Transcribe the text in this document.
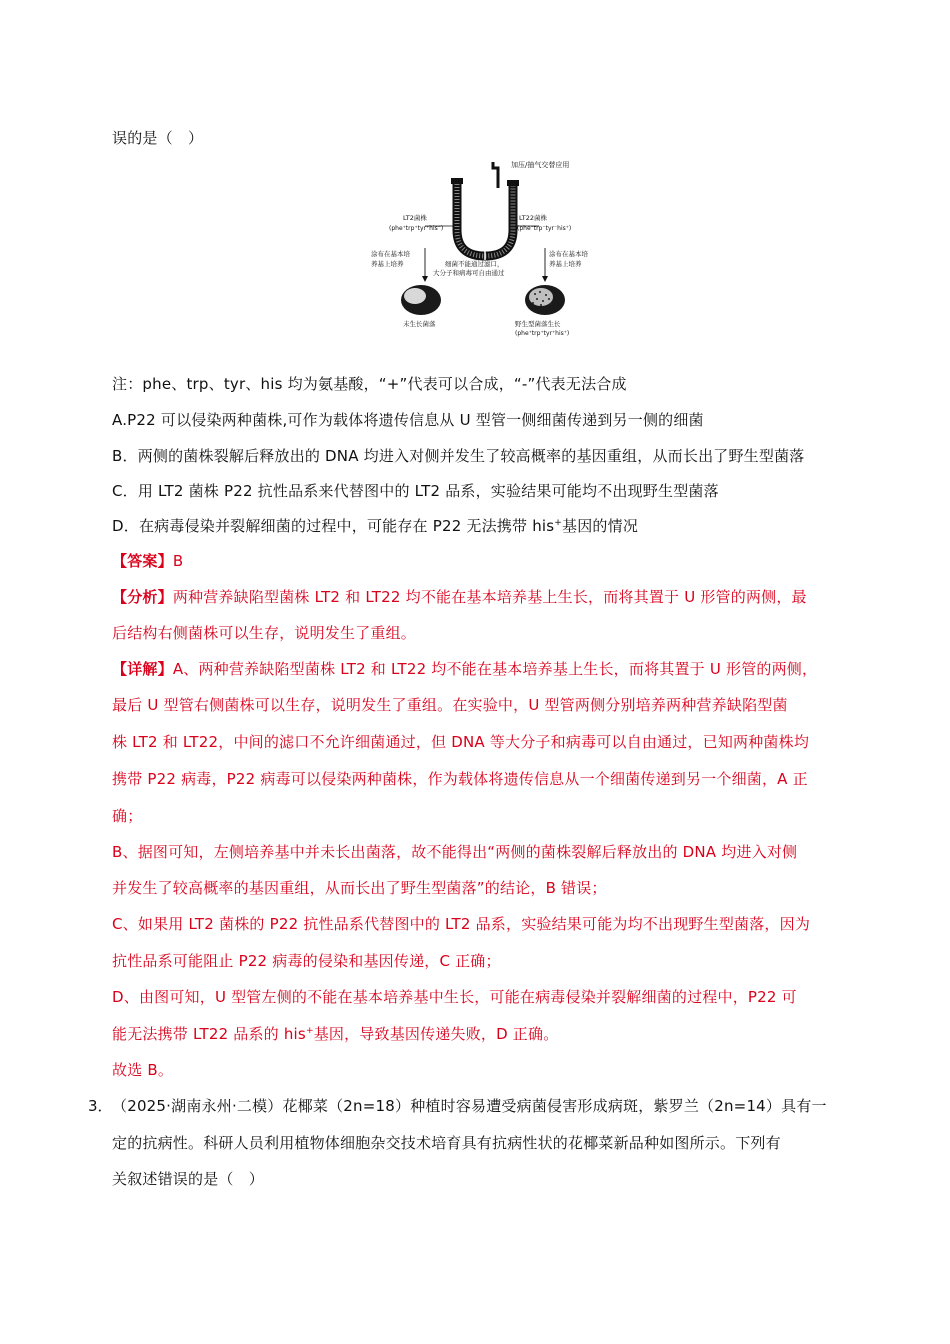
误的是（　）
加压/抽气交替应用
LT2菌株
(phe⁺trp⁺tyr⁺his⁻)
LT22菌株
(phe⁻trp⁻tyr⁻his⁺)
涂布在基本培
养基上培养
涂布在基本培
养基上培养
细菌不能通过滤口，
大分子和病毒可自由通过
未生长菌落	野生型菌落生长
(phe⁺trp⁺tyr⁺his⁺)
注：phe、trp、tyr、his 均为氨基酸，“+”代表可以合成，“-”代表无法合成
A.P22 可以侵染两种菌株,可作为载体将遗传信息从 U 型管一侧细菌传递到另一侧的细菌
B．两侧的菌株裂解后释放出的 DNA 均进入对侧并发生了较高概率的基因重组，从而长出了野生型菌落
C．用 LT2 菌株 P22 抗性品系来代替图中的 LT2 品系，实验结果可能均不出现野生型菌落
D．在病毒侵染并裂解细菌的过程中，可能存在 P22 无法携带 his+基因的情况
【答案】B
【分析】两种营养缺陷型菌株 LT2 和 LT22 均不能在基本培养基上生长，而将其置于 U 形管的两侧，最
后结构右侧菌株可以生存，说明发生了重组。
【详解】A、两种营养缺陷型菌株 LT2 和 LT22 均不能在基本培养基上生长，而将其置于 U 形管的两侧，
最后 U 型管右侧菌株可以生存，说明发生了重组。在实验中，U 型管两侧分别培养两种营养缺陷型菌
株 LT2 和 LT22，中间的滤口不允许细菌通过，但 DNA 等大分子和病毒可以自由通过，已知两种菌株均
携带 P22 病毒，P22 病毒可以侵染两种菌株，作为载体将遗传信息从一个细菌传递到另一个细菌，A 正
确；
B、据图可知，左侧培养基中并未长出菌落，故不能得出“两侧的菌株裂解后释放出的 DNA 均进入对侧
并发生了较高概率的基因重组，从而长出了野生型菌落”的结论，B 错误；
C、如果用 LT2 菌株的 P22 抗性品系代替图中的 LT2 品系，实验结果可能为均不出现野生型菌落，因为
抗性品系可能阻止 P22 病毒的侵染和基因传递，C 正确；
D、由图可知，U 型管左侧的不能在基本培养基中生长，可能在病毒侵染并裂解细菌的过程中，P22 可
能无法携带 LT22 品系的 his+基因，导致基因传递失败，D 正确。
故选 B。
3． （2025·湖南永州·二模）花椰菜（2n=18）种植时容易遭受病菌侵害形成病斑，紫罗兰（2n=14）具有一
定的抗病性。科研人员利用植物体细胞杂交技术培育具有抗病性状的花椰菜新品种如图所示。下列有
关叙述错误的是（　）
